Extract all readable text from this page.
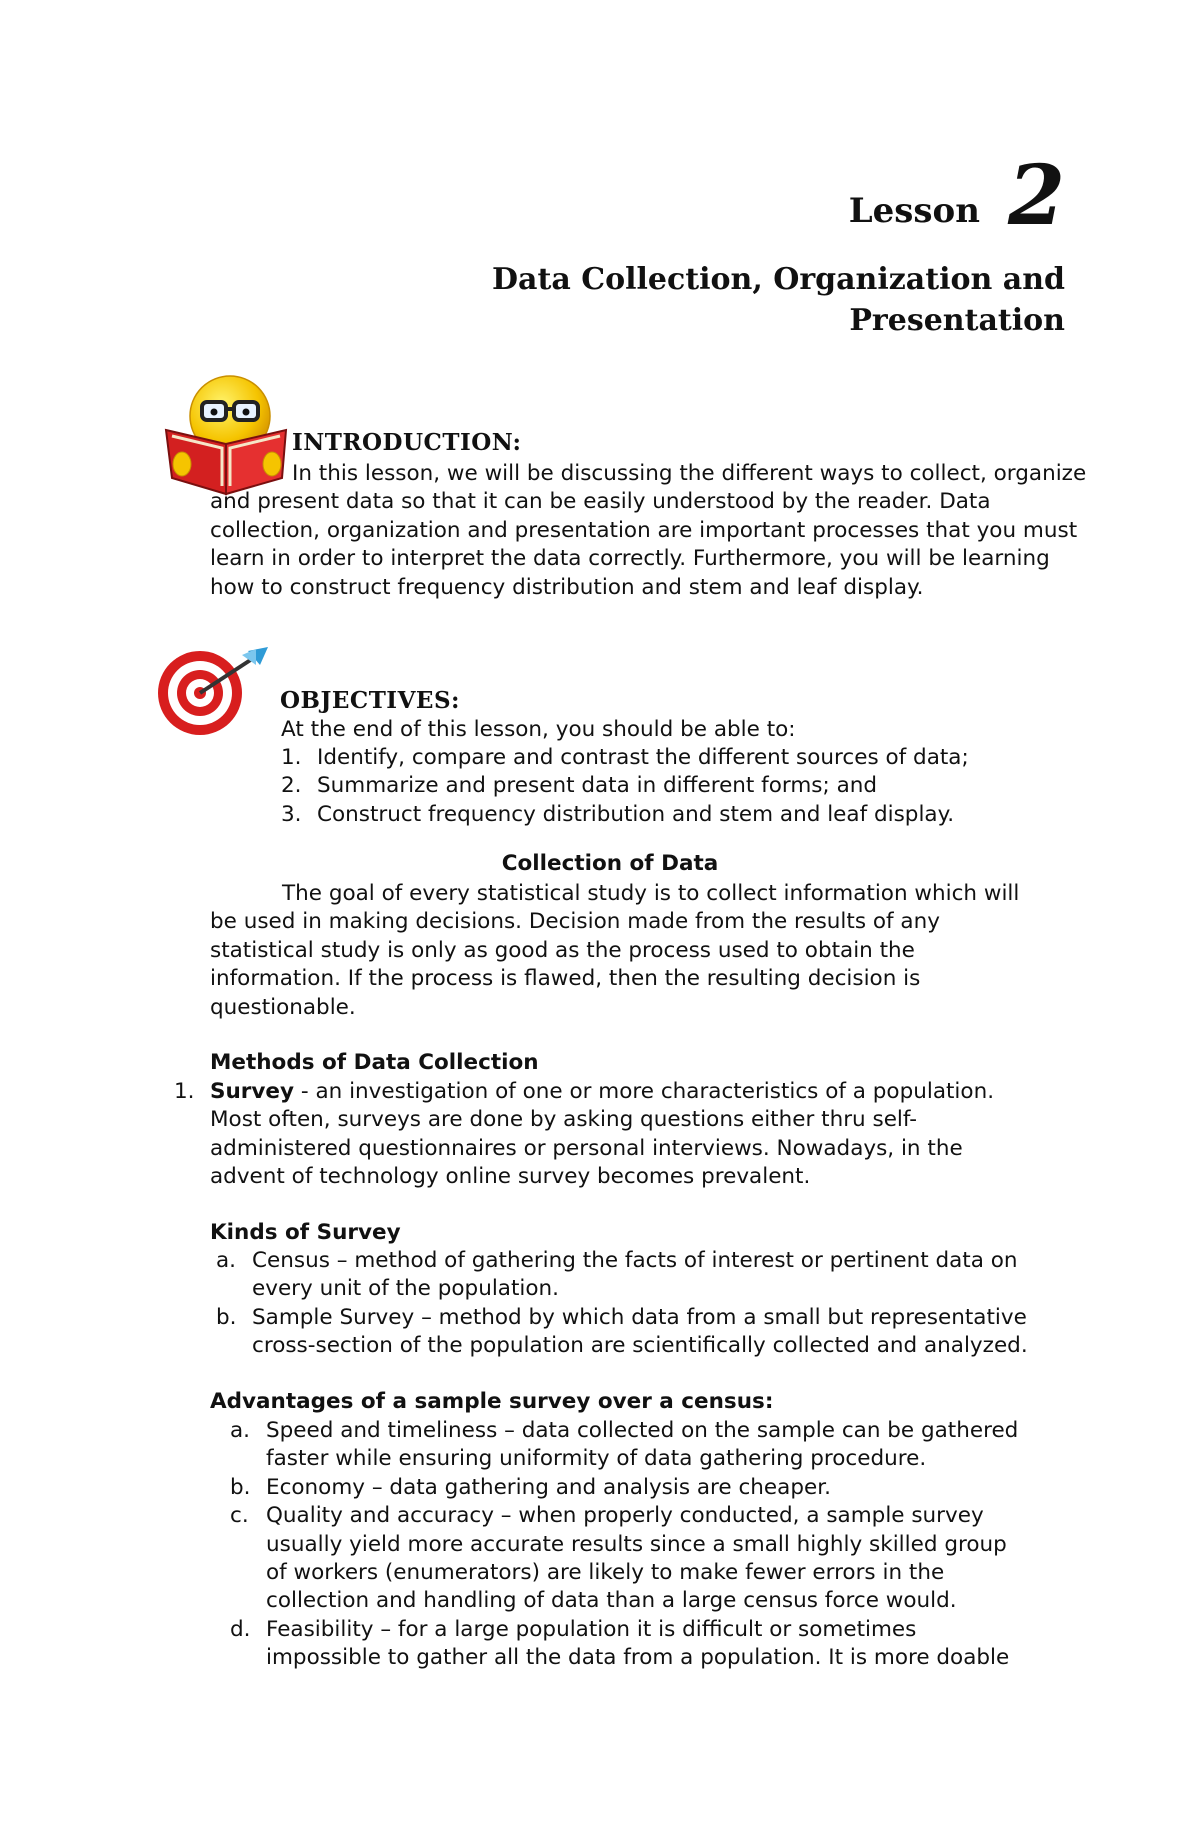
Lesson 2
Data Collection, Organization and
Presentation
INTRODUCTION:

In this lesson, we will be discussing the different ways to collect, organize

and present data so that it can be easily understood by the reader. Data

collection, organization and presentation are important processes that you must

learn in order to interpret the data correctly. Furthermore, you will be learning

how to construct frequency distribution and stem and leaf display.

OBJECTIVES:
At the end of this lesson, you should be able to:
1. Identify, compare and contrast the different sources of data;
2. Summarize and present data in different forms; and
3. Construct frequency distribution and stem and leaf display.
Collection of Data

The goal of every statistical study is to collect information which will

be used in making decisions. Decision made from the results of any

statistical study is only as good as the process used to obtain the

information. If the process is flawed, then the resulting decision is

questionable.

Methods of Data Collection

1. Survey - an investigation of one or more characteristics of a population.

Most often, surveys are done by asking questions either thru self-

administered questionnaires or personal interviews. Nowadays, in the

advent of technology online survey becomes prevalent.

Kinds of Survey

a. Census – method of gathering the facts of interest or pertinent data on

every unit of the population.

b. Sample Survey – method by which data from a small but representative

cross-section of the population are scientifically collected and analyzed.

Advantages of a sample survey over a census:

a. Speed and timeliness – data collected on the sample can be gathered

faster while ensuring uniformity of data gathering procedure.

b. Economy – data gathering and analysis are cheaper.

c. Quality and accuracy – when properly conducted, a sample survey

usually yield more accurate results since a small highly skilled group

of workers (enumerators) are likely to make fewer errors in the

collection and handling of data than a large census force would.

d. Feasibility – for a large population it is difficult or sometimes

impossible to gather all the data from a population. It is more doable
